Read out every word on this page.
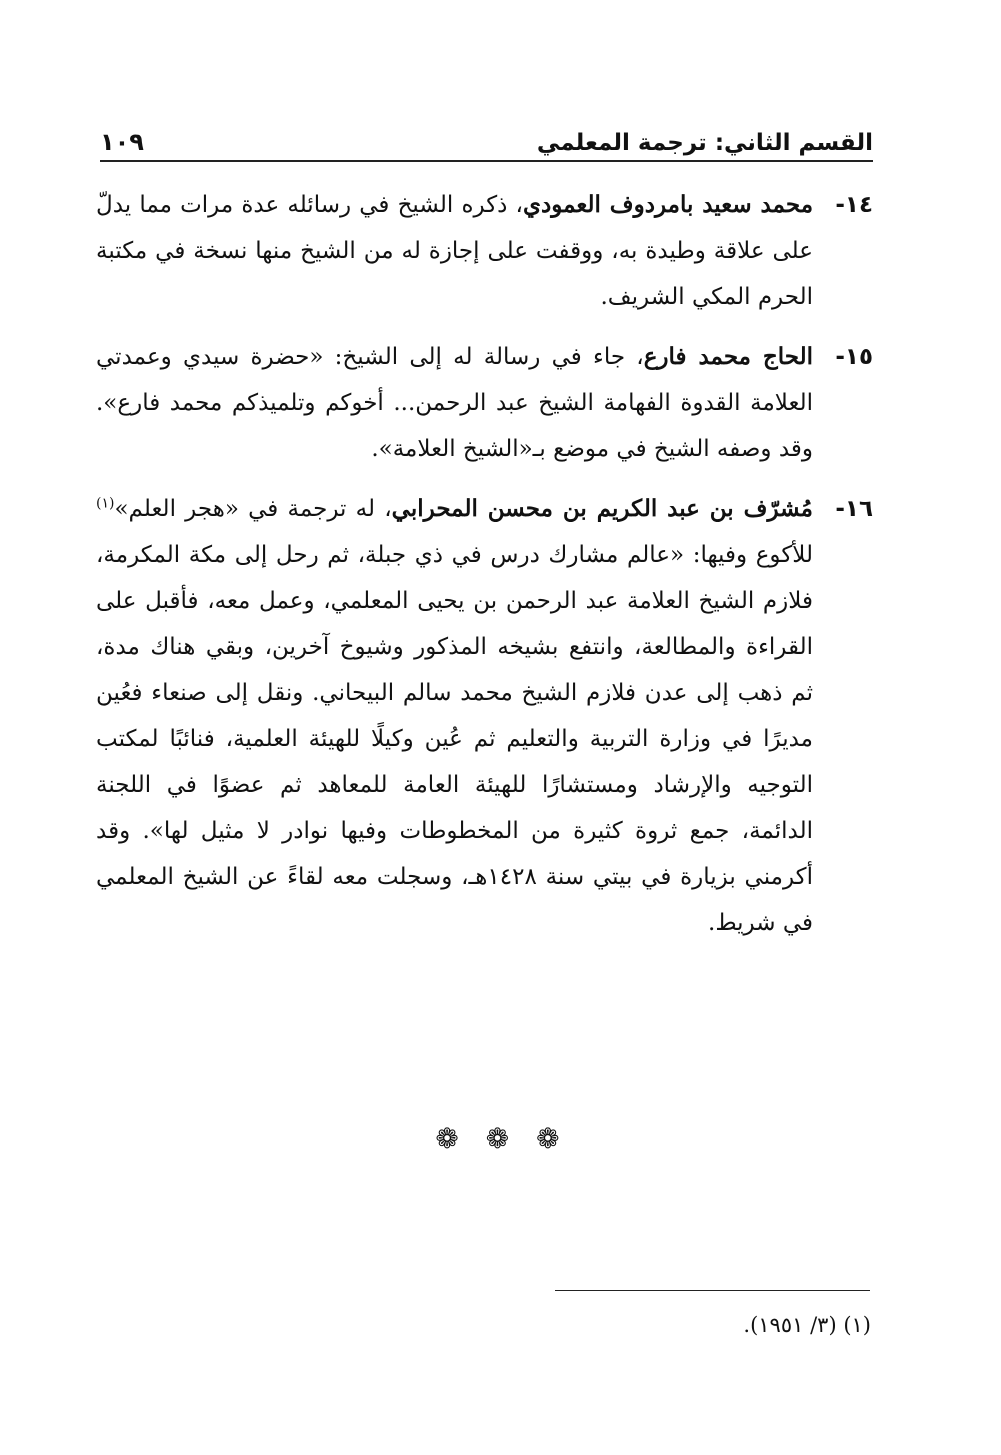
القسم الثاني: ترجمة المعلمي
١٠٩

١٤-
محمد سعيد بامردوف العمودي، ذكره الشيخ في رسائله عدة مرات مما يدلّ على علاقة وطيدة به، ووقفت على إجازة له من الشيخ منها نسخة في مكتبة الحرم المكي الشريف.

١٥-
الحاج محمد فارع، جاء في رسالة له إلى الشيخ: «حضرة سيدي وعمدتي العلامة القدوة الفهامة الشيخ عبد الرحمن... أخوكم وتلميذكم محمد فارع». وقد وصفه الشيخ في موضع بـ«الشيخ العلامة».

١٦-
مُشرّف بن عبد الكريم بن محسن المحرابي، له ترجمة في «هجر العلم»$^{(١)}$ للأكوع وفيها: «عالم مشارك درس في ذي جبلة، ثم رحل إلى مكة المكرمة، فلازم الشيخ العلامة عبد الرحمن بن يحيى المعلمي، وعمل معه، فأقبل على القراءة والمطالعة، وانتفع بشيخه المذكور وشيوخ آخرين، وبقي هناك مدة، ثم ذهب إلى عدن فلازم الشيخ محمد سالم البيحاني. ونقل إلى صنعاء فعُين مديرًا في وزارة التربية والتعليم ثم عُين وكيلًا للهيئة العلمية، فنائبًا لمكتب التوجيه والإرشاد ومستشارًا للهيئة العامة للمعاهد ثم عضوًا في اللجنة الدائمة، جمع ثروة كثيرة من المخطوطات وفيها نوادر لا مثيل لها». وقد أكرمني بزيارة في بيتي سنة ١٤٢٨هـ، وسجلت معه لقاءً عن الشيخ المعلمي في شريط.

❁ ❁ ❁
(١) (٣/ ١٩٥١).
